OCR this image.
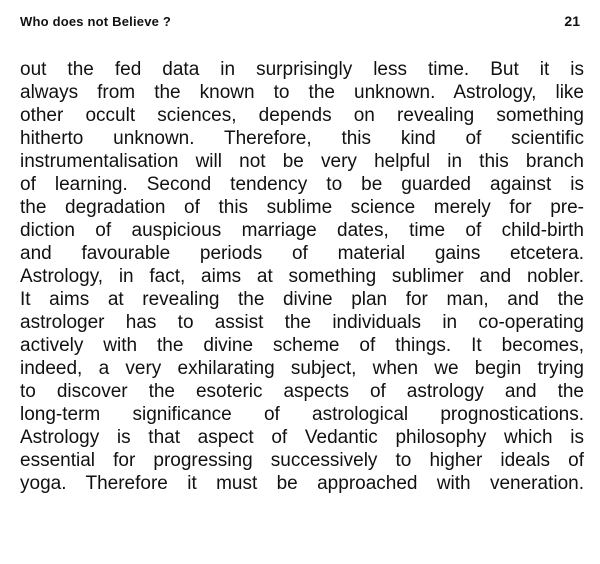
Who does not Believe ?	21
out the fed data in surprisingly less time. But it is
always from the known to the unknown. Astrology, like
other occult sciences, depends on revealing something
hitherto unknown. Therefore, this kind of scientific
instrumentalisation will not be very helpful in this branch
of learning. Second tendency to be guarded against is
the degradation of this sublime science merely for pre-
diction of auspicious marriage dates, time of child-birth
and favourable periods of material gains etcetera.
Astrology, in fact, aims at something sublimer and nobler.
It aims at revealing the divine plan for man, and the
astrologer has to assist the individuals in co-operating
actively with the divine scheme of things. It becomes,
indeed, a very exhilarating subject, when we begin trying
to discover the esoteric aspects of astrology and the
long-term significance of astrological prognostications.
Astrology is that aspect of Vedantic philosophy which is
essential for progressing successively to higher ideals of
yoga. Therefore it must be approached with veneration.
